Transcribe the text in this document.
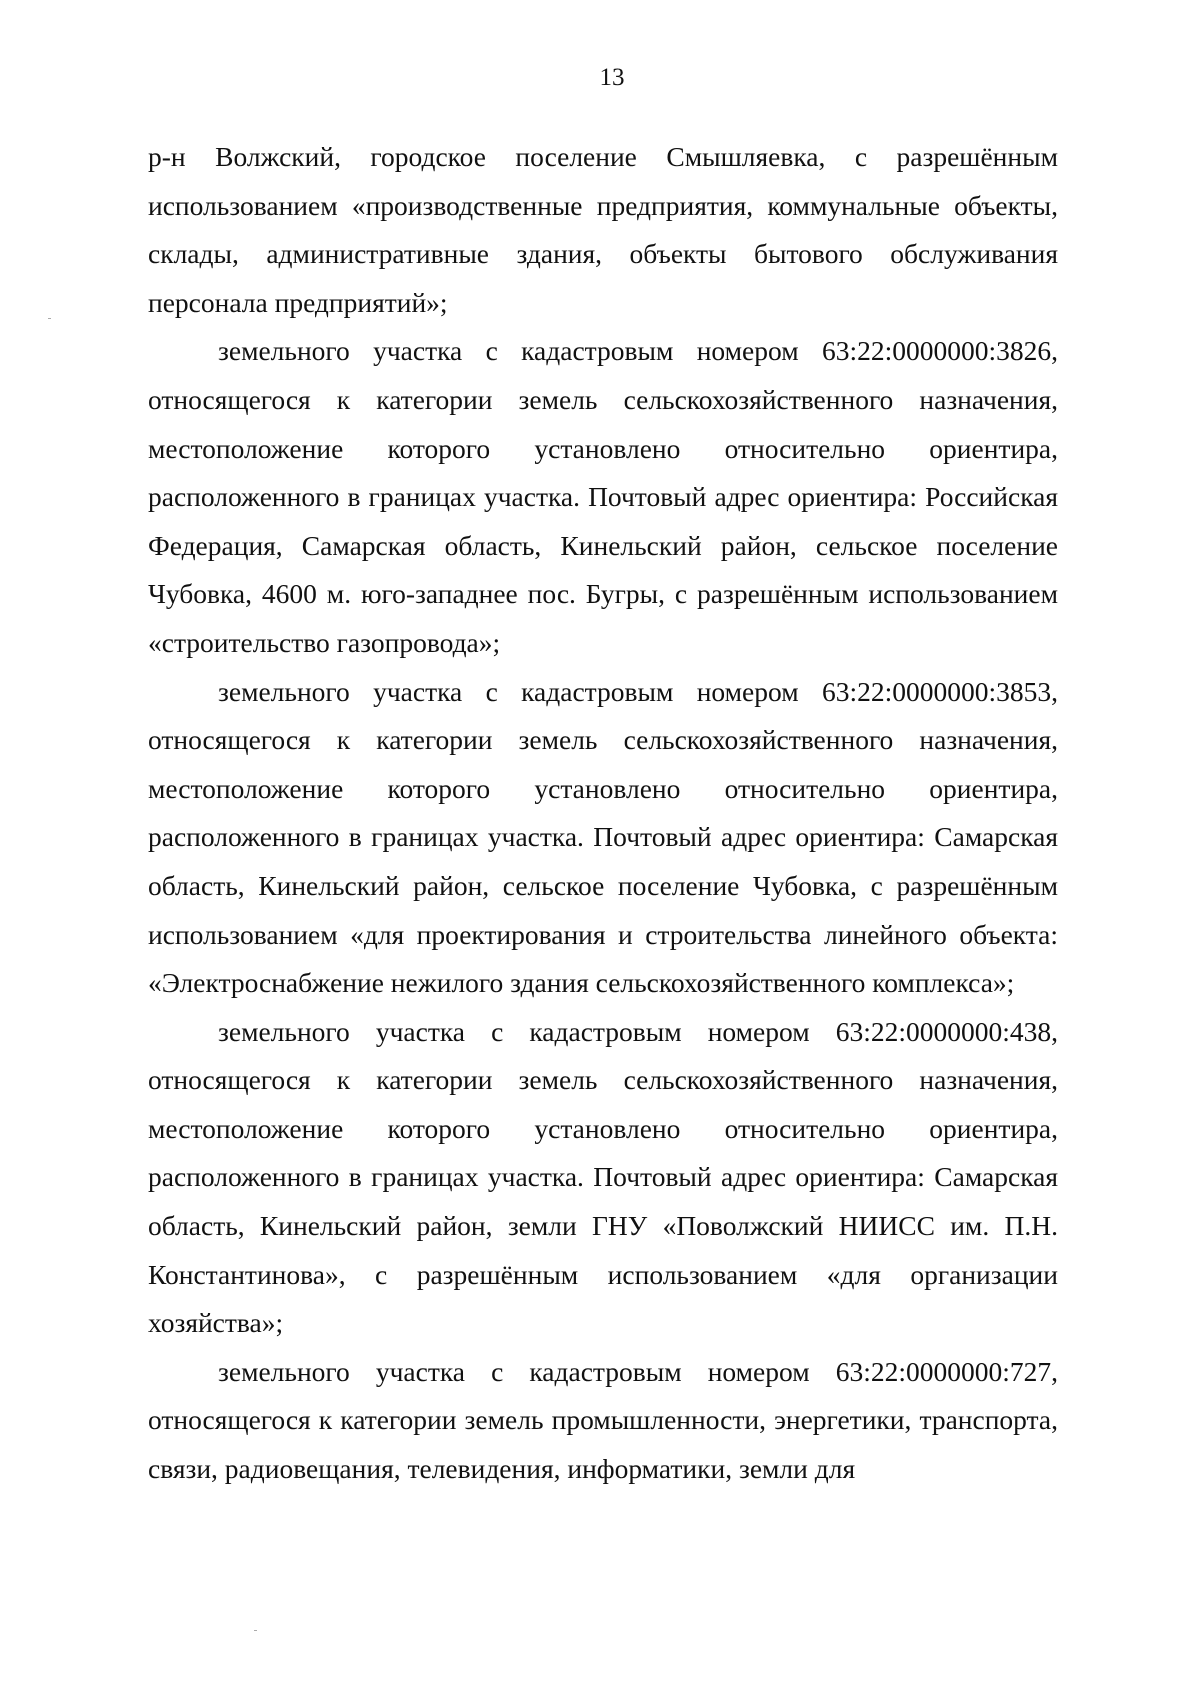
13

р-н Волжский, городское поселение Смышляевка, с разрешённым использованием «производственные предприятия, коммунальные объекты, склады, административные здания, объекты бытового обслуживания персонала предприятий»;

земельного участка с кадастровым номером 63:22:0000000:3826, относящегося к категории земель сельскохозяйственного назначения, местоположение которого установлено относительно ориентира, расположенного в границах участка. Почтовый адрес ориентира: Российская Федерация, Самарская область, Кинельский район, сельское поселение Чубовка, 4600 м. юго-западнее пос. Бугры, с разрешённым использованием «строительство газопровода»;

земельного участка с кадастровым номером 63:22:0000000:3853, относящегося к категории земель сельскохозяйственного назначения, местоположение которого установлено относительно ориентира, расположенного в границах участка. Почтовый адрес ориентира: Самарская область, Кинельский район, сельское поселение Чубовка, с разрешённым использованием «для проектирования и строительства линейного объекта: «Электроснабжение нежилого здания сельскохозяйственного комплекса»;

земельного участка с кадастровым номером 63:22:0000000:438, относящегося к категории земель сельскохозяйственного назначения, местоположение которого установлено относительно ориентира, расположенного в границах участка. Почтовый адрес ориентира: Самарская область, Кинельский район, земли ГНУ «Поволжский НИИСС им. П.Н. Константинова», с разрешённым использованием «для организации хозяйства»;

земельного участка с кадастровым номером 63:22:0000000:727, относящегося к категории земель промышленности, энергетики, транспорта, связи, радиовещания, телевидения, информатики, земли для
